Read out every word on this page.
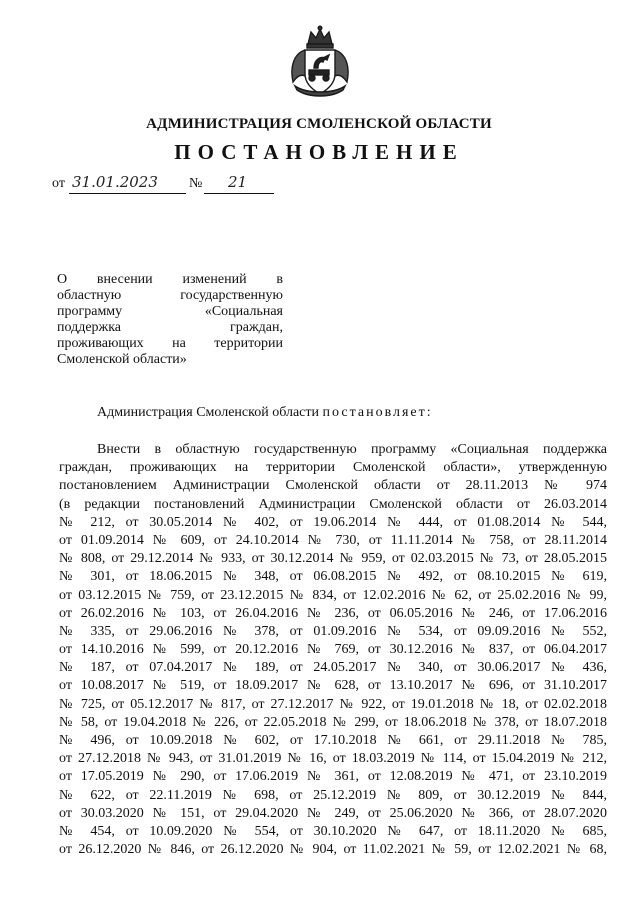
АДМИНИСТРАЦИЯ СМОЛЕНСКОЙ ОБЛАСТИ
ПОСТАНОВЛЕНИЕ
от 31.01.2023 № 21
О внесении изменений в
областную государственную
программу «Социальная
поддержка граждан,
проживающих на территории
Смоленской области»
Администрация Смоленской области постановляет:
Внести в областную государственную программу «Социальная поддержка
граждан, проживающих на территории Смоленской области», утвержденную
постановлением Администрации Смоленской области от 28.11.2013 № 974
(в редакции постановлений Администрации Смоленской области от 26.03.2014
№ 212, от 30.05.2014 № 402, от 19.06.2014 № 444, от 01.08.2014 № 544,
от 01.09.2014 № 609, от 24.10.2014 № 730, от 11.11.2014 № 758, от 28.11.2014
№ 808, от 29.12.2014 № 933, от 30.12.2014 № 959, от 02.03.2015 № 73, от 28.05.2015
№ 301, от 18.06.2015 № 348, от 06.08.2015 № 492, от 08.10.2015 № 619,
от 03.12.2015 № 759, от 23.12.2015 № 834, от 12.02.2016 № 62, от 25.02.2016 № 99,
от 26.02.2016 № 103, от 26.04.2016 № 236, от 06.05.2016 № 246, от 17.06.2016
№ 335, от 29.06.2016 № 378, от 01.09.2016 № 534, от 09.09.2016 № 552,
от 14.10.2016 № 599, от 20.12.2016 № 769, от 30.12.2016 № 837, от 06.04.2017
№ 187, от 07.04.2017 № 189, от 24.05.2017 № 340, от 30.06.2017 № 436,
от 10.08.2017 № 519, от 18.09.2017 № 628, от 13.10.2017 № 696, от 31.10.2017
№ 725, от 05.12.2017 № 817, от 27.12.2017 № 922, от 19.01.2018 № 18, от 02.02.2018
№ 58, от 19.04.2018 № 226, от 22.05.2018 № 299, от 18.06.2018 № 378, от 18.07.2018
№ 496, от 10.09.2018 № 602, от 17.10.2018 № 661, от 29.11.2018 № 785,
от 27.12.2018 № 943, от 31.01.2019 № 16, от 18.03.2019 № 114, от 15.04.2019 № 212,
от 17.05.2019 № 290, от 17.06.2019 № 361, от 12.08.2019 № 471, от 23.10.2019
№ 622, от 22.11.2019 № 698, от 25.12.2019 № 809, от 30.12.2019 № 844,
от 30.03.2020 № 151, от 29.04.2020 № 249, от 25.06.2020 № 366, от 28.07.2020
№ 454, от 10.09.2020 № 554, от 30.10.2020 № 647, от 18.11.2020 № 685,
от 26.12.2020 № 846, от 26.12.2020 № 904, от 11.02.2021 № 59, от 12.02.2021 № 68,
